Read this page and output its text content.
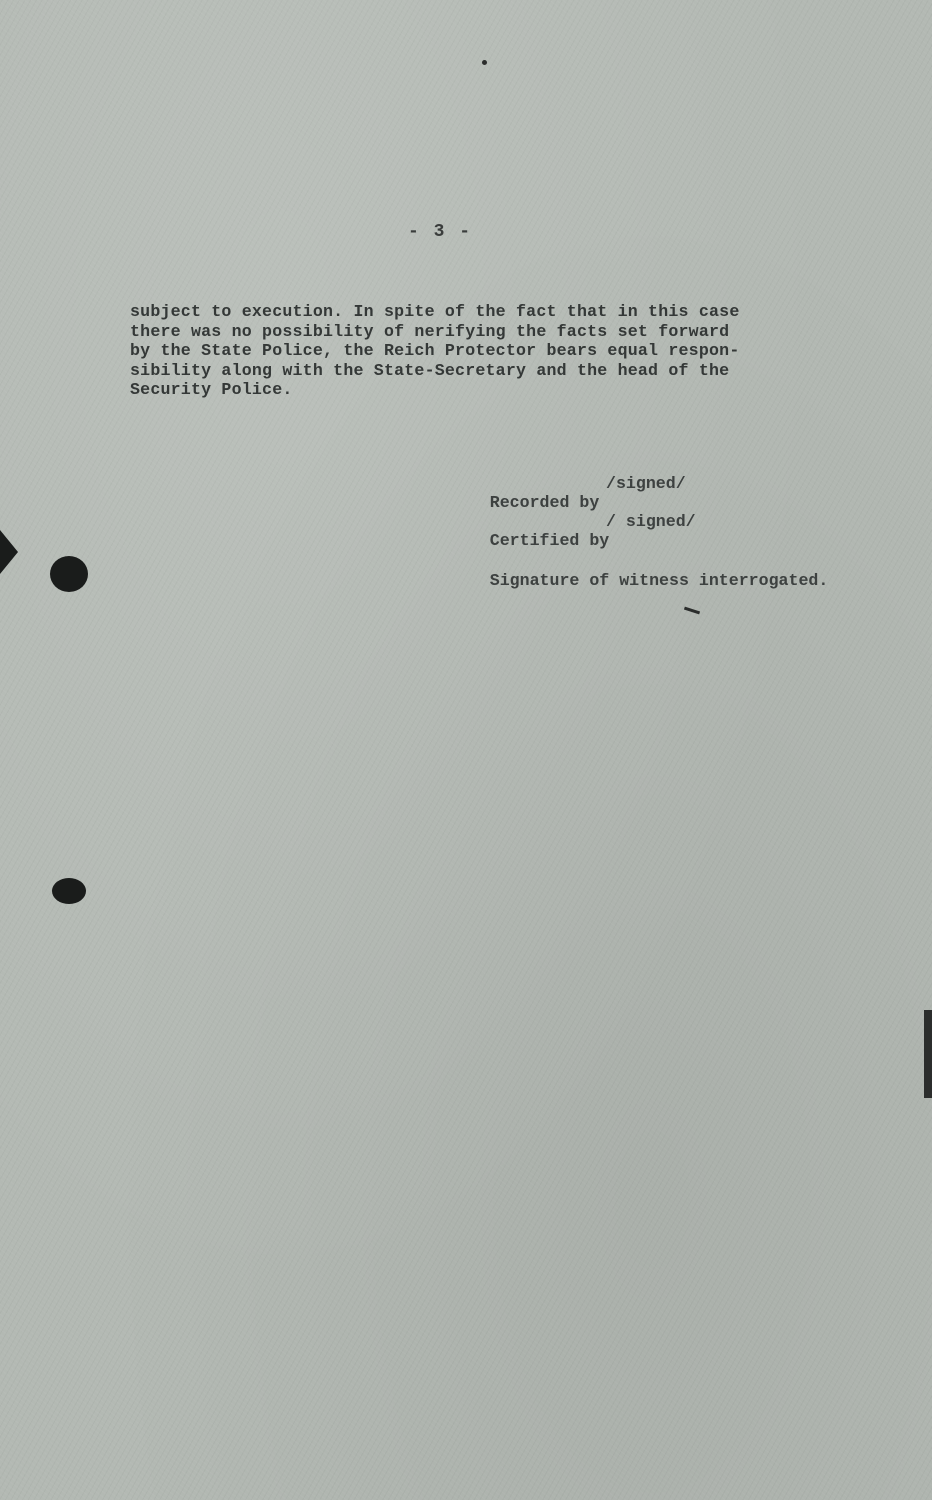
- 3 -
subject to execution. In spite of the fact that in this case
there was no possibility of nerifying the facts set forward
by the State Police, the Reich Protector bears equal respon-
sibility along with the State-Secretary and the head of the
Security Police.

Recorded by

/signed/

Certified by

/ signed/

Signature of witness interrogated.
